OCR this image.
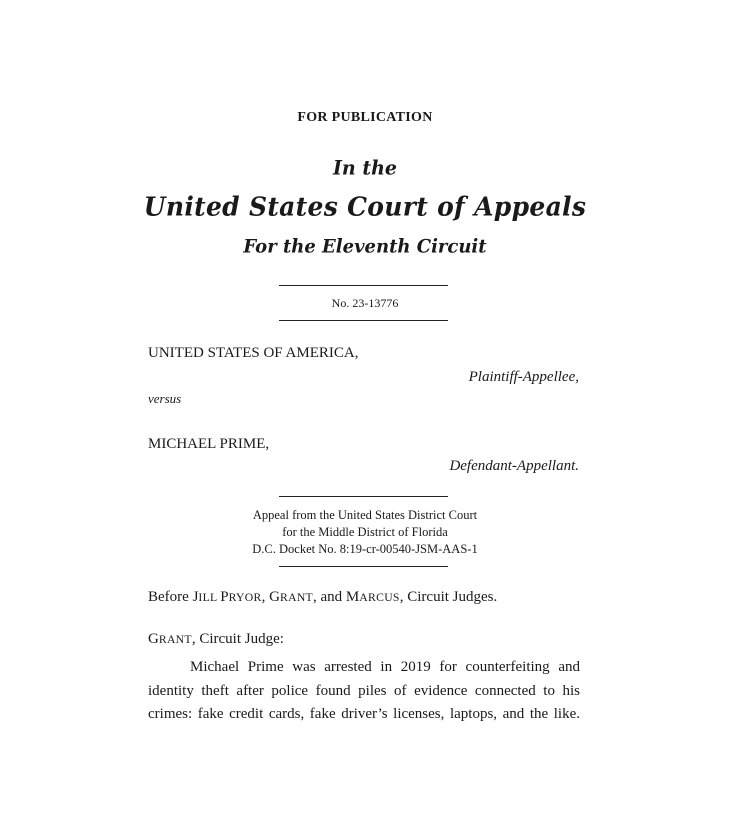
FOR PUBLICATION
In the
United States Court of Appeals
For the Eleventh Circuit
No. 23-13776
UNITED STATES OF AMERICA,
Plaintiff-Appellee,
versus
MICHAEL PRIME,
Defendant-Appellant.
Appeal from the United States District Court
for the Middle District of Florida
D.C. Docket No. 8:19-cr-00540-JSM-AAS-1
Before JILL PRYOR, GRANT, and MARCUS, Circuit Judges.
GRANT, Circuit Judge:
Michael Prime was arrested in 2019 for counterfeiting and
identity theft after police found piles of evidence connected to his
crimes: fake credit cards, fake driver’s licenses, laptops, and the like.
